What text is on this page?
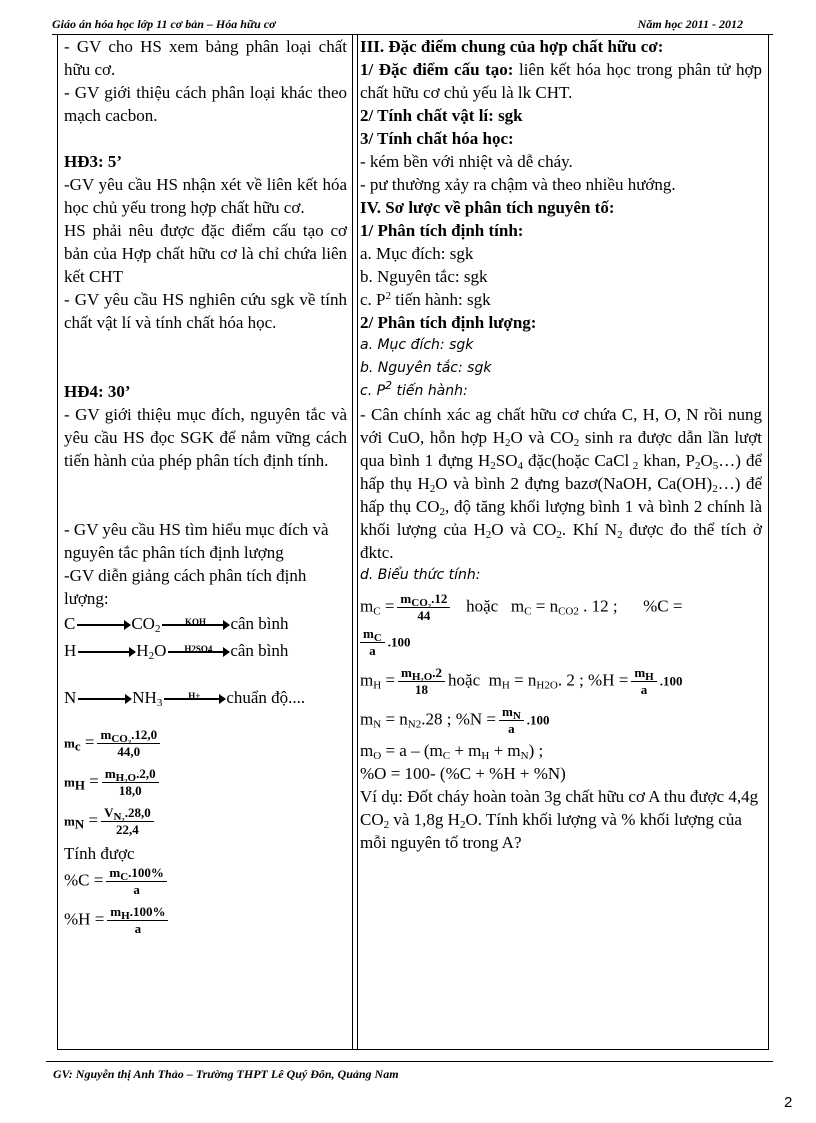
Giáo án hóa học lớp 11 cơ bản – Hóa hữu cơ	Năm học 2011 - 2012
- GV cho HS xem bảng phân loại chất hữu cơ.
- GV giới thiệu cách phân loại khác theo mạch cacbon.
HĐ3: 5’
-GV yêu cầu HS nhận xét về liên kết hóa học chủ yếu trong hợp chất hữu cơ.
HS phải nêu được đặc điểm cấu tạo cơ bản của Hợp chất hữu cơ là chỉ chứa liên kết CHT
- GV yêu cầu HS nghiên cứu sgk về tính chất vật lí và tính chất hóa học.
HĐ4: 30’
- GV giới thiệu mục đích, nguyên tắc và yêu cầu HS đọc SGK để nắm vững cách tiến hành của phép phân tích định tính.
- GV yêu cầu HS tìm hiểu mục đích và nguyên tắc phân tích định lượng
-GV diễn giảng cách phân tích định lượng:
C	$CO_2$
KOH	cân bình
H	$H_2O$	H2SO4	cân bình
N	$NH_3$
H+	chuẩn độ....
$m_c = \frac{m_{CO_2}.12,0}{44,0}$
$m_H = \frac{m_{H_2O}.2,0}{18,0}$
$m_N = \frac{V_{N_2}.28,0}{22,4}$
Tính được
$\%C = \frac{m_C.100\%}{a}$
$\%H = \frac{m_H.100\%}{a}$
III. Đặc điểm chung của hợp chất hữu cơ:
1/ Đặc điểm cấu tạo: liên kết hóa học trong phân tử hợp chất hữu cơ chủ yếu là lk CHT.
2/ Tính chất vật lí: sgk
3/ Tính chất hóa học:
- kém bền với nhiệt và dễ cháy.
- pư thường xảy ra chậm và theo nhiều hướng.
IV. Sơ lược về phân tích nguyên tố:
1/ Phân tích định tính:
a. Mục đích: sgk
b. Nguyên tắc: sgk
c. $P^2$ tiến hành: sgk
2/ Phân tích định lượng:
a. Mục đích: sgk
b. Nguyên tắc: sgk
c. $P^2$ tiến hành:
- Cân chính xác ag chất hữu cơ chứa C, H, O, N rồi nung với CuO, hỗn hợp $H_2O$ và $CO_2$ sinh ra được dẫn lần lượt qua bình 1 đựng $H_2SO_4$ đặc(hoặc CaCl $_2$ khan, $P_2O_5\dots$) để hấp thụ $H_2O$ và bình 2 đựng bazơ(NaOH, $Ca(OH)_2\dots$) để hấp thụ $CO_2$, độ tăng khối lượng bình 1 và bình 2 chính là khối lượng của $H_2O$ và $CO_2$. Khí $N_2$ được đo thể tích ở đktc.
d. Biểu thức tính:
$m_C = \frac{m_{CO_2}.12}{44}$ hoặc $m_C = n_{CO2}$ . 12 ; %C =
$\frac{m_C}{a} .100$
$m_H = \frac{m_{H_2O}.2}{18}$ hoặc $m_H = n_{H2O}$. 2 ; $\%H = \frac{m_H}{a} .100$
$m_N = n_{N2}.28$ ; $\%N = \frac{m_N}{a} .100$
$m_O = a - (m_C + m_H + m_N)$ ;
%O = 100- (%C + %H + %N)
Ví dụ: Đốt cháy hoàn toàn 3g chất hữu cơ A thu được 4,4g $CO_2$ và 1,8g $H_2O$. Tính khối lượng và % khối lượng của mỗi nguyên tố trong A?
GV: Nguyễn thị Anh Thảo – Trường THPT Lê Quý Đôn, Quảng Nam
2
